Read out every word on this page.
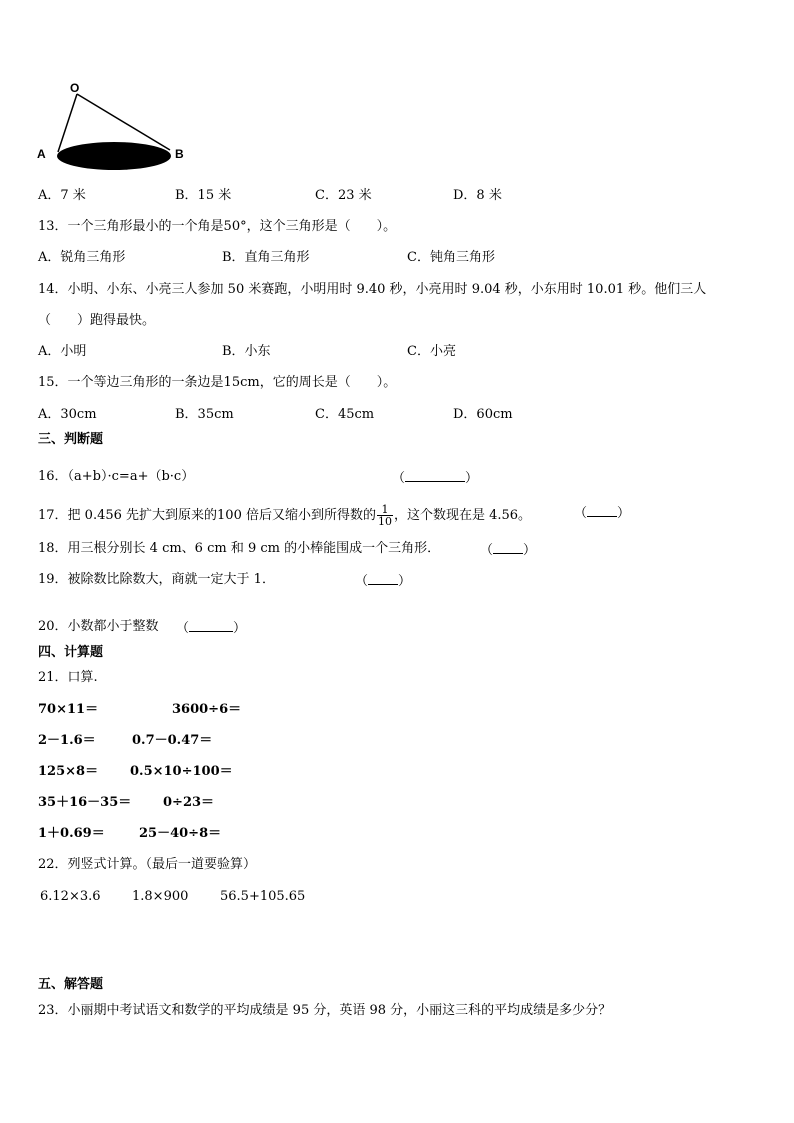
O
A	B
A．7 米	B．15 米	C．23 米	D．8 米
13．一个三角形最小的一个角是50°，这个三角形是（　　）。
A．锐角三角形	B．直角三角形	C．钝角三角形
14．小明、小东、小亮三人参加 50 米赛跑，小明用时 9.40 秒，小亮用时 9.04 秒，小东用时 10.01 秒。他们三人
（　　）跑得最快。
A．小明	B．小东	C．小亮
15．一个等边三角形的一条边是15cm，它的周长是（　　）。
A．30cm	B．35cm	C．45cm	D．60cm
三、判断题
16．（a+b）·c=a+（b·c）	（	）
17．把 0.456 先扩大到原来的100 倍后又缩小到所得数的 $\frac{1}{10}$ ，这个数现在是 4.56。	（ ）
18．用三根分别长 4 cm、6 cm 和 9 cm 的小棒能围成一个三角形．	（ ）
19．被除数比除数大，商就一定大于 1．	（ ）
20．小数都小于整数 （	）
四、计算题
21．口算.
70×11＝	3600÷6＝
2－1.6＝	0.7－0.47＝
125×8＝ 0.5×10÷100＝
35＋16－35＝ 0÷23＝
1＋0.69＝	25－40÷8＝
22．列竖式计算。（最后一道要验算）
6.12×3.6 1.8×900 56.5+105.65
五、解答题
23．小丽期中考试语文和数学的平均成绩是 95 分，英语 98 分，小丽这三科的平均成绩是多少分？
